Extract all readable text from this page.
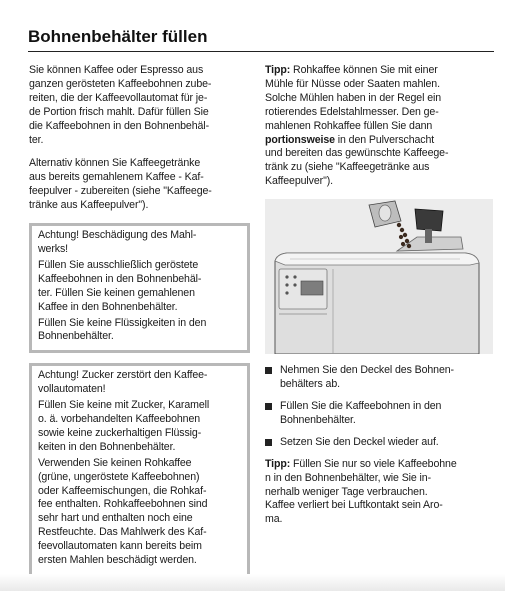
Bohnenbehälter füllen

Sie können Kaffee oder Espresso aus
ganzen gerösteten Kaffeebohnen zube-
reiten, die der Kaffeevollautomat für je-
de Portion frisch mahlt. Dafür füllen Sie
die Kaffeebohnen in den Bohnenbehäl-
ter.

Alternativ können Sie Kaffeegetränke
aus bereits gemahlenem Kaffee - Kaf-
feepulver - zubereiten (siehe "Kaffeege-
tränke aus Kaffeepulver").

Achtung! Beschädigung des Mahl-
werks!

Füllen Sie ausschließlich geröstete
Kaffeebohnen in den Bohnenbehäl-
ter. Füllen Sie keinen gemahlenen
Kaffee in den Bohnenbehälter.

Füllen Sie keine Flüssigkeiten in den
Bohnenbehälter.

Achtung! Zucker zerstört den Kaffee-
vollautomaten!

Füllen Sie keine mit Zucker, Karamell
o. ä. vorbehandelten Kaffeebohnen
sowie keine zuckerhaltigen Flüssig-
keiten in den Bohnenbehälter.

Verwenden Sie keinen Rohkaffee
(grüne, ungeröstete Kaffeebohnen)
oder Kaffeemischungen, die Rohkaf-
fee enthalten. Rohkaffeebohnen sind
sehr hart und enthalten noch eine
Restfeuchte. Das Mahlwerk des Kaf-
feevollautomaten kann bereits beim
ersten Mahlen beschädigt werden.

Tipp: Rohkaffee können Sie mit einer
Mühle für Nüsse oder Saaten mahlen.
Solche Mühlen haben in der Regel ein
rotierendes Edelstahlmesser. Den ge-
mahlenen Rohkaffee füllen Sie dann
portionsweise in den Pulverschacht
und bereiten das gewünschte Kaffeege-
tränk zu (siehe "Kaffeegetränke aus
Kaffeepulver").

Nehmen Sie den Deckel des Bohnen-
behälters ab.
Füllen Sie die Kaffeebohnen in den
Bohnenbehälter.
Setzen Sie den Deckel wieder auf.

Tipp: Füllen Sie nur so viele Kaffeebohne
n in den Bohnenbehälter, wie Sie in-
nerhalb weniger Tage verbrauchen.
Kaffee verliert bei Luftkontakt sein Aro-
ma.
